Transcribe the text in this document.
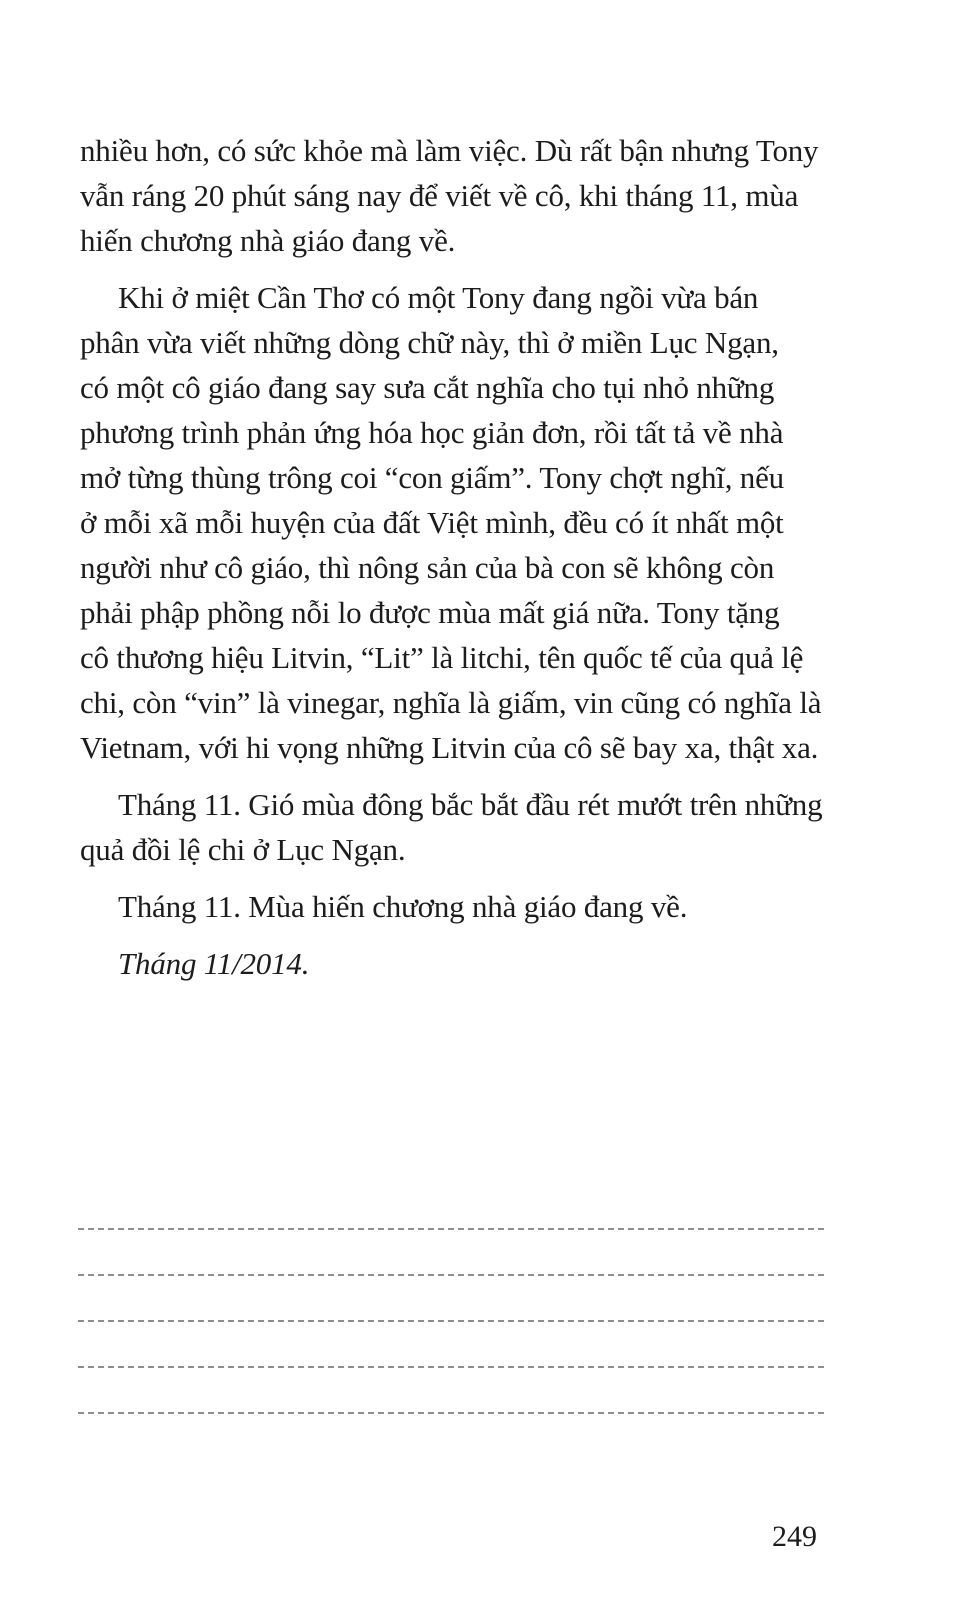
nhiều hơn, có sức khỏe mà làm việc. Dù rất bận nhưng Tony
vẫn ráng 20 phút sáng nay để viết về cô, khi tháng 11, mùa
hiến chương nhà giáo đang về.

Khi ở miệt Cần Thơ có một Tony đang ngồi vừa bán
phân vừa viết những dòng chữ này, thì ở miền Lục Ngạn,
có một cô giáo đang say sưa cắt nghĩa cho tụi nhỏ những
phương trình phản ứng hóa học giản đơn, rồi tất tả về nhà
mở từng thùng trông coi “con giấm”. Tony chợt nghĩ, nếu
ở mỗi xã mỗi huyện của đất Việt mình, đều có ít nhất một
người như cô giáo, thì nông sản của bà con sẽ không còn
phải phập phồng nỗi lo được mùa mất giá nữa. Tony tặng
cô thương hiệu Litvin, “Lit” là litchi, tên quốc tế của quả lệ
chi, còn “vin” là vinegar, nghĩa là giấm, vin cũng có nghĩa là
Vietnam, với hi vọng những Litvin của cô sẽ bay xa, thật xa.

Tháng 11. Gió mùa đông bắc bắt đầu rét mướt trên những
quả đồi lệ chi ở Lục Ngạn.

Tháng 11. Mùa hiến chương nhà giáo đang về.

Tháng 11/2014.

249
